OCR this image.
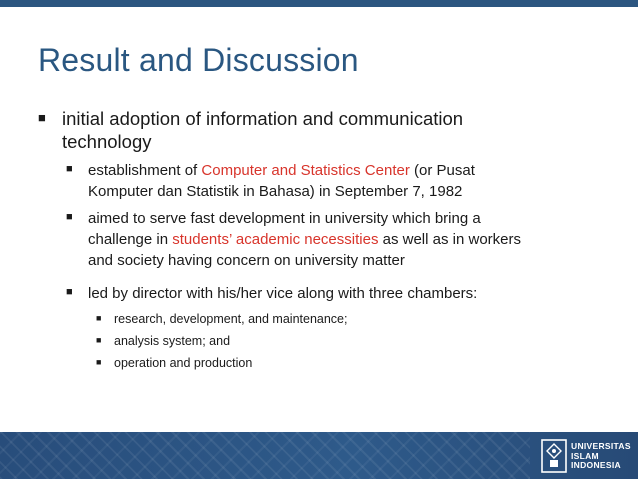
Result and Discussion
■ initial adoption of information and communication
technology
■ establishment of Computer and Statistics Center (or Pusat
Komputer dan Statistik in Bahasa) in September 7, 1982
■ aimed to serve fast development in university which bring a
challenge in students’ academic necessities as well as in workers
and society having concern on university matter
■ led by director with his/her vice along with three chambers:
■ research, development, and maintenance;
■ analysis system; and
■ operation and production
UNIVERSITAS
ISLAM
INDONESIA
